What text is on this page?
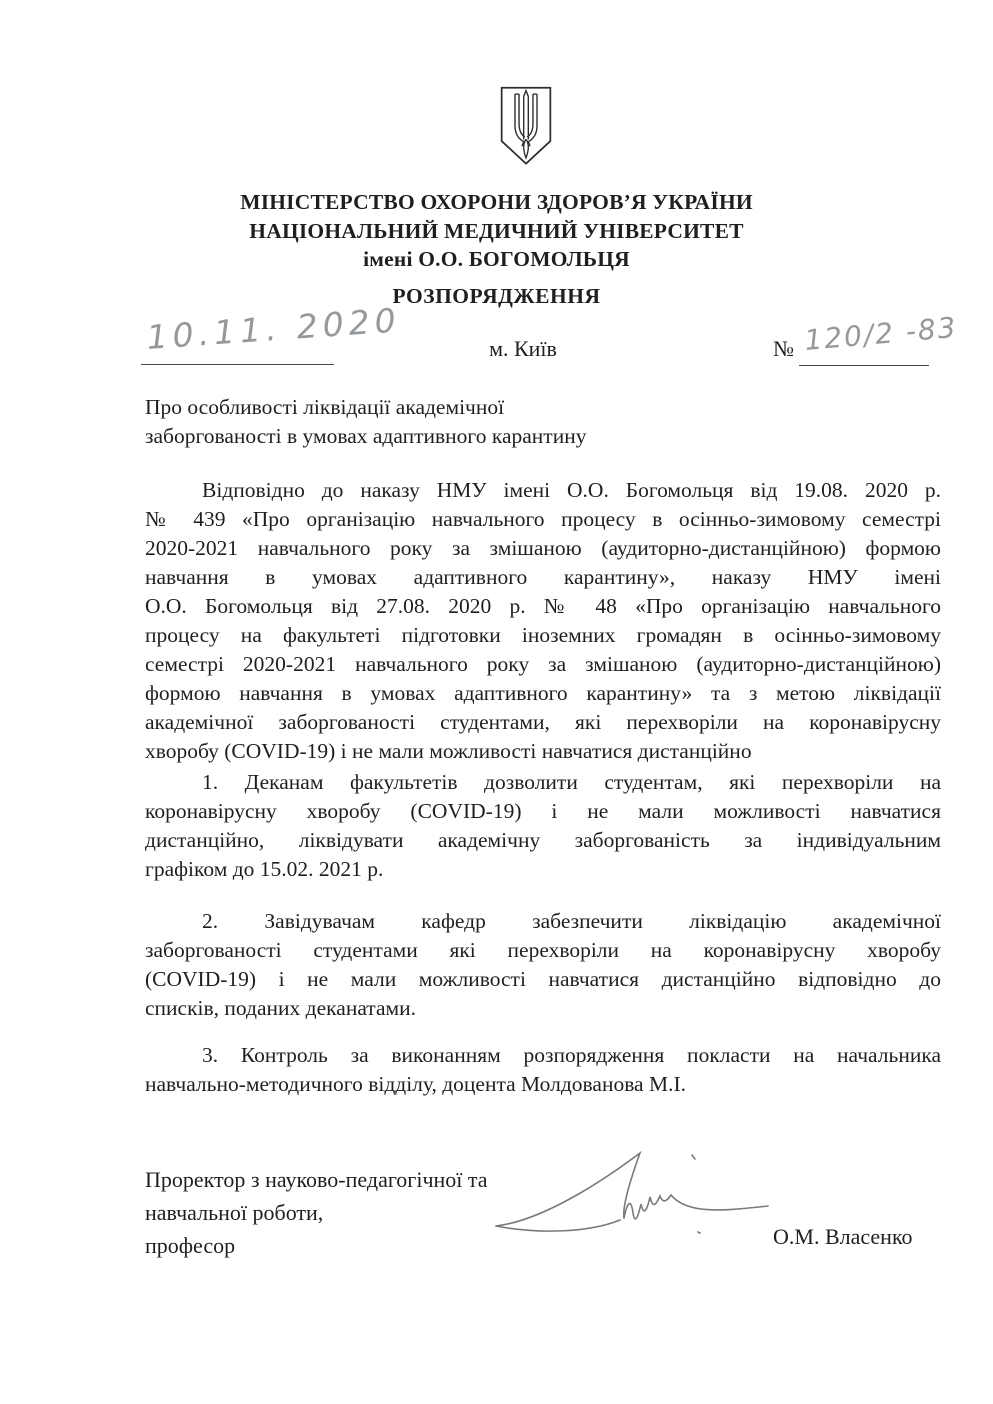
МІНІСТЕРСТВО ОХОРОНИ ЗДОРОВ’Я УКРАЇНИ
НАЦІОНАЛЬНИЙ МЕДИЧНИЙ УНІВЕРСИТЕТ
імені О.О. БОГОМОЛЬЦЯ
РОЗПОРЯДЖЕННЯ
10.11. 2020	м. Київ	№ 120/2 -83
Про особливості ліквідації академічної
заборгованості в умовах адаптивного карантину
Відповідно до наказу НМУ імені О.О. Богомольця від 19.08. 2020 р.
№ 439 «Про організацію навчального процесу в осінньо-зимовому семестрі
2020-2021 навчального року за змішаною (аудиторно-дистанційною) формою
навчання в умовах адаптивного карантину», наказу НМУ імені
О.О. Богомольця від 27.08. 2020 р. № 48 «Про організацію навчального
процесу на факультеті підготовки іноземних громадян в осінньо-зимовому
семестрі 2020-2021 навчального року за змішаною (аудиторно-дистанційною)
формою навчання в умовах адаптивного карантину» та з метою ліквідації
академічної заборгованості студентами, які перехворіли на коронавірусну
хворобу (COVID-19) і не мали можливості навчатися дистанційно
1. Деканам факультетів дозволити студентам, які перехворіли на
коронавірусну хворобу (COVID-19) і не мали можливості навчатися
дистанційно, ліквідувати академічну заборгованість за індивідуальним
графіком до 15.02. 2021 р.
2. Завідувачам кафедр забезпечити ліквідацію академічної
заборгованості студентами які перехворіли на коронавірусну хворобу
(COVID-19) і не мали можливості навчатися дистанційно відповідно до
списків, поданих деканатами.
3. Контроль за виконанням розпорядження покласти на начальника
навчально-методичного відділу, доцента Молдованова М.І.
Проректор з науково-педагогічної та
навчальної роботи,
професор	О.М. Власенко
